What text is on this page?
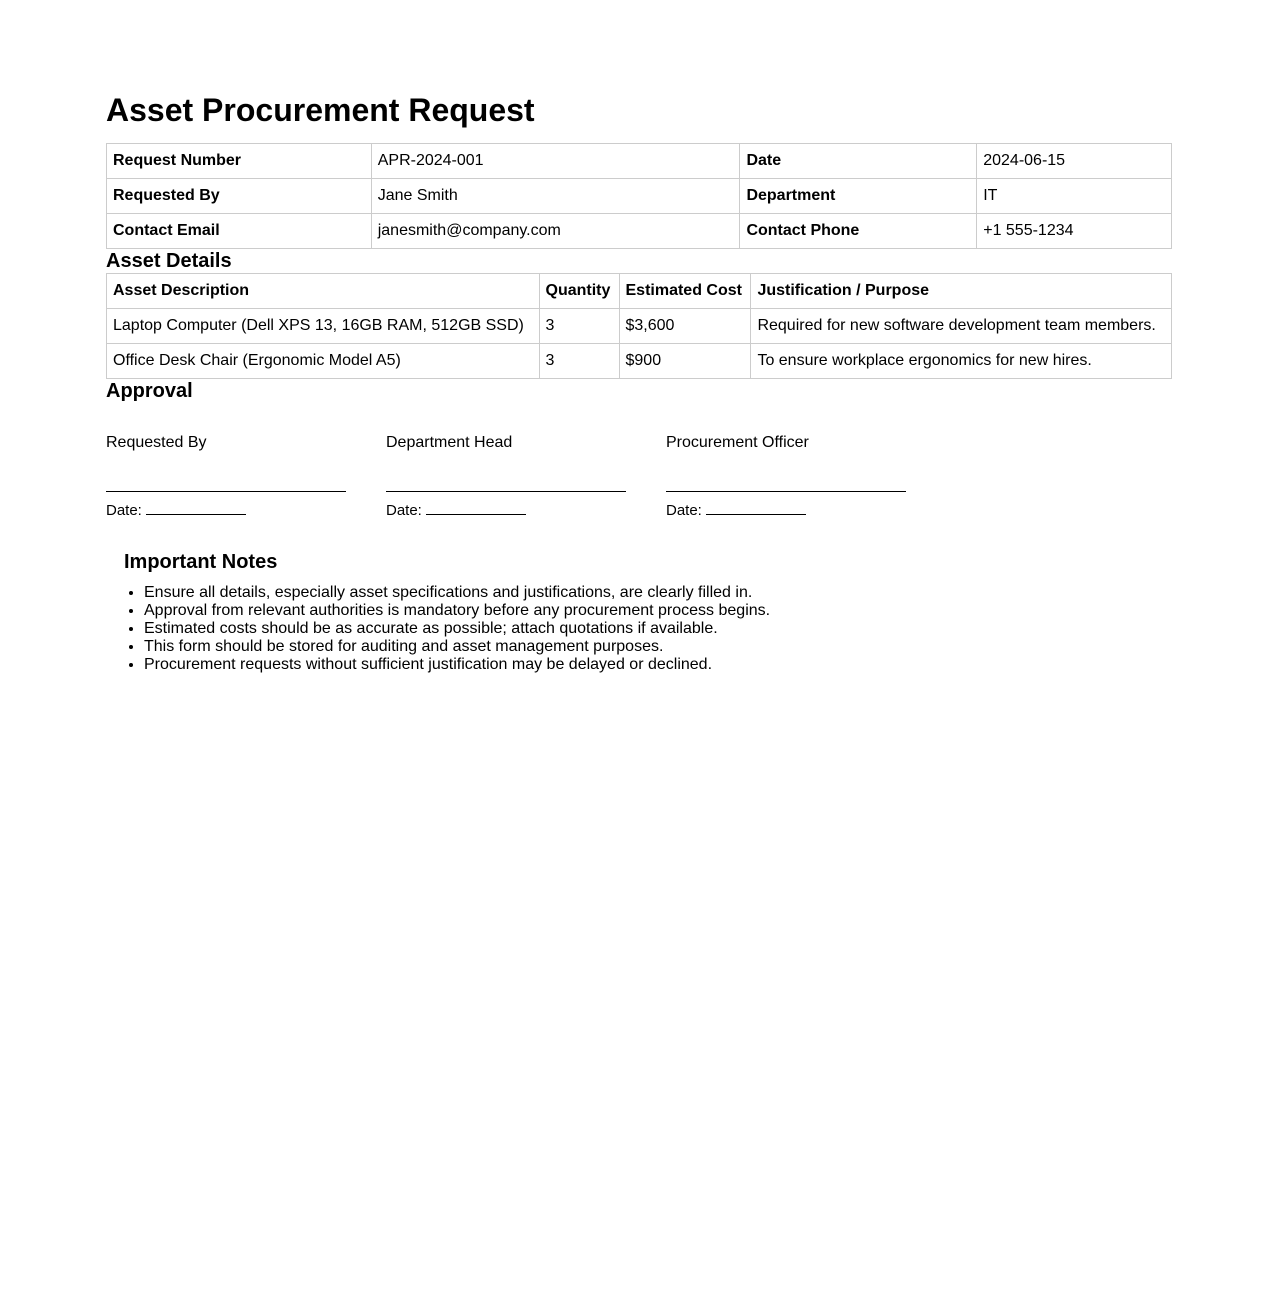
Asset Procurement Request
Request Number	APR-2024-001	Date	2024-06-15
Requested By	Jane Smith	Department	IT
Contact Email	janesmith@company.com	Contact Phone	+1 555-1234
Asset Details
Asset Description	Quantity	Estimated Cost	Justification / Purpose
Laptop Computer (Dell XPS 13, 16GB RAM, 512GB SSD)	3	$3,600	Required for new software development team members.
Office Desk Chair (Ergonomic Model A5)	3	$900	To ensure workplace ergonomics for new hires.
Approval
Requested By
Date:
Department Head
Date:
Procurement Officer
Date:
Important Notes
• Ensure all details, especially asset specifications and justifications, are clearly filled in.
• Approval from relevant authorities is mandatory before any procurement process begins.
• Estimated costs should be as accurate as possible; attach quotations if available.
• This form should be stored for auditing and asset management purposes.
• Procurement requests without sufficient justification may be delayed or declined.
